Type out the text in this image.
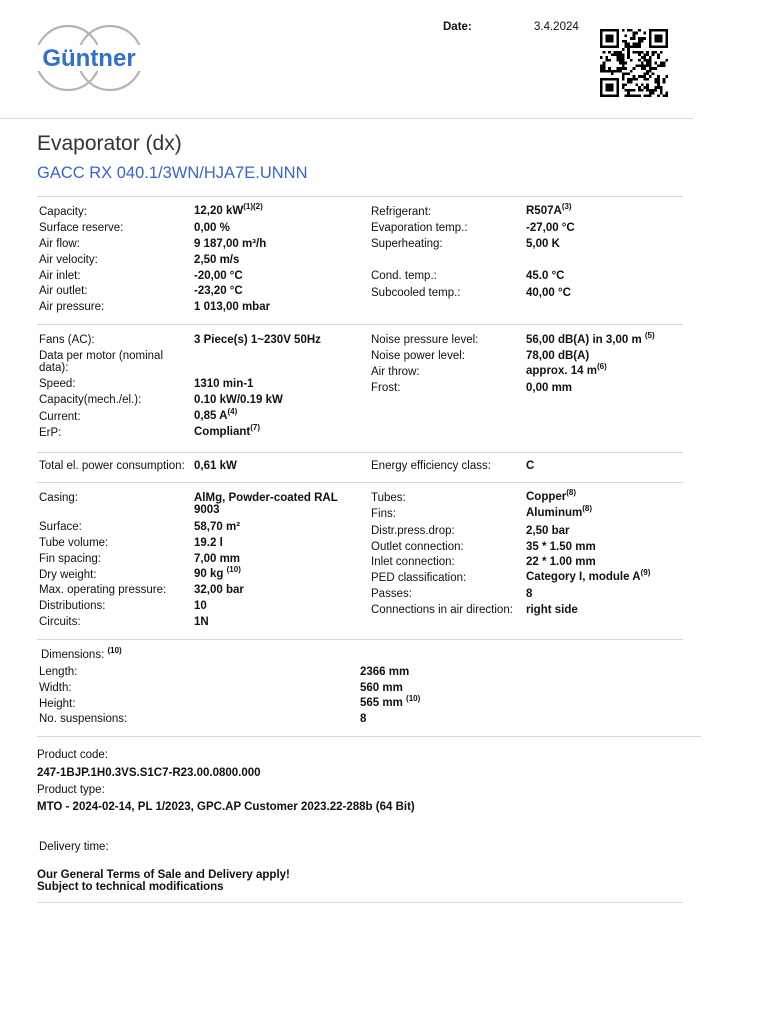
Güntner
Date:	3.4.2024
Evaporator (dx)
GACC RX 040.1/3WN/HJA7E.UNNN
Capacity:	12,20 $kW^{(1)(2)}$
Surface reserve:	0,00 %
Air flow:	9 187,00 m³/h
Air velocity:	2,50 m/s
Air inlet:	-20,00 °C
Air outlet:	-23,20 °C
Air pressure:	1 013,00 mbar
Refrigerant:	$R507A^{(3)}$
Evaporation temp.:	-27,00 °C
Superheating:	5,00 K
Cond. temp.:	45.0 °C
Subcooled temp.:	40,00 °C
Fans (AC):	3 Piece(s) 1~230V 50Hz
Data per motor (nominal data):
Speed:	1310 min-1
Capacity(mech./el.):	0.10 kW/0.19 kW
Current:	0,85 $A^{(4)}$
ErP:	Compliant$^{(7)}$
Noise pressure level:	56,00 dB(A) in 3,00 m $^{(5)}$
Noise power level:	78,00 dB(A)
Air throw:	approx. 14 $m^{(6)}$
Frost:	0,00 mm
Total el. power consumption: 0,61 kW	Energy efficiency class:	C
Casing:	AlMg, Powder-coated RAL 9003
Surface:	58,70 m²
Tube volume:	19.2 l
Fin spacing:	7,00 mm
Dry weight:	90 kg $^{(10)}$
Max. operating pressure: 32,00 bar
Distributions:	10
Circuits:	1N
Tubes:	Copper$^{(8)}$
Fins:	Aluminum$^{(8)}$
Distr.press.drop:	2,50 bar
Outlet connection:	35 * 1.50 mm
Inlet connection:	22 * 1.00 mm
PED classification:	Category I, module $A^{(9)}$
Passes:	8
Connections in air direction: right side
Dimensions: $^{(10)}$
Length:	2366 mm
Width:	560 mm
Height:	565 mm $^{(10)}$
No. suspensions:	8
Product code:
247-1BJP.1H0.3VS.S1C7-R23.00.0800.000
Product type:
MTO - 2024-02-14, PL 1/2023, GPC.AP Customer 2023.22-288b (64 Bit)
Delivery time:
Our General Terms of Sale and Delivery apply!
Subject to technical modifications
